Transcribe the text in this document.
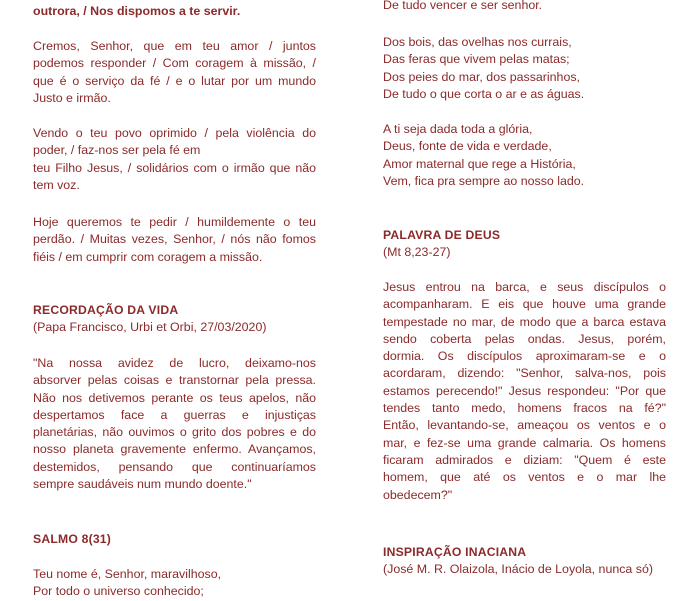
outrora, / Nos dispomos a te servir.
Cremos, Senhor, que em teu amor / juntos
podemos responder / Com coragem à missão, /
que é o serviço da fé / e o lutar por um mundo
Justo e irmão.
Vendo o teu povo oprimido / pela violência do
poder, / faz-nos ser pela fé em
teu Filho Jesus, / solidários com o irmão que não
tem voz.
Hoje queremos te pedir / humildemente o teu
perdão. / Muitas vezes, Senhor, / nós não fomos
fiéis / em cumprir com coragem a missão.
RECORDAÇÃO DA VIDA
(Papa Francisco, Urbi et Orbi, 27/03/2020)
"Na nossa avidez de lucro, deixamo-nos
absorver pelas coisas e transtornar pela pressa.
Não nos detivemos perante os teus apelos, não
despertamos face a guerras e injustiças
planetárias, não ouvimos o grito dos pobres e do
nosso planeta gravemente enfermo. Avançamos,
destemidos, pensando que continuaríamos
sempre saudáveis num mundo doente."
SALMO 8(31)
Teu nome é, Senhor, maravilhoso,
Por todo o universo conhecido;
De tudo vencer e ser senhor.
Dos bois, das ovelhas nos currais,
Das feras que vivem pelas matas;
Dos peies do mar, dos passarinhos,
De tudo o que corta o ar e as águas.
A ti seja dada toda a glória,
Deus, fonte de vida e verdade,
Amor maternal que rege a História,
Vem, fica pra sempre ao nosso lado.
PALAVRA DE DEUS
(Mt 8,23-27)
Jesus entrou na barca, e seus discípulos o
acompanharam. E eis que houve uma grande
tempestade no mar, de modo que a barca estava
sendo coberta pelas ondas. Jesus, porém,
dormia. Os discípulos aproximaram-se e o
acordaram, dizendo: "Senhor, salva-nos, pois
estamos perecendo!" Jesus respondeu: "Por que
tendes tanto medo, homens fracos na fé?"
Então, levantando-se, ameaçou os ventos e o
mar, e fez-se uma grande calmaria. Os homens
ficaram admirados e diziam: "Quem é este
homem, que até os ventos e o mar lhe
obedecem?"
INSPIRAÇÃO INACIANA
(José M. R. Olaizola, Inácio de Loyola, nunca só)
